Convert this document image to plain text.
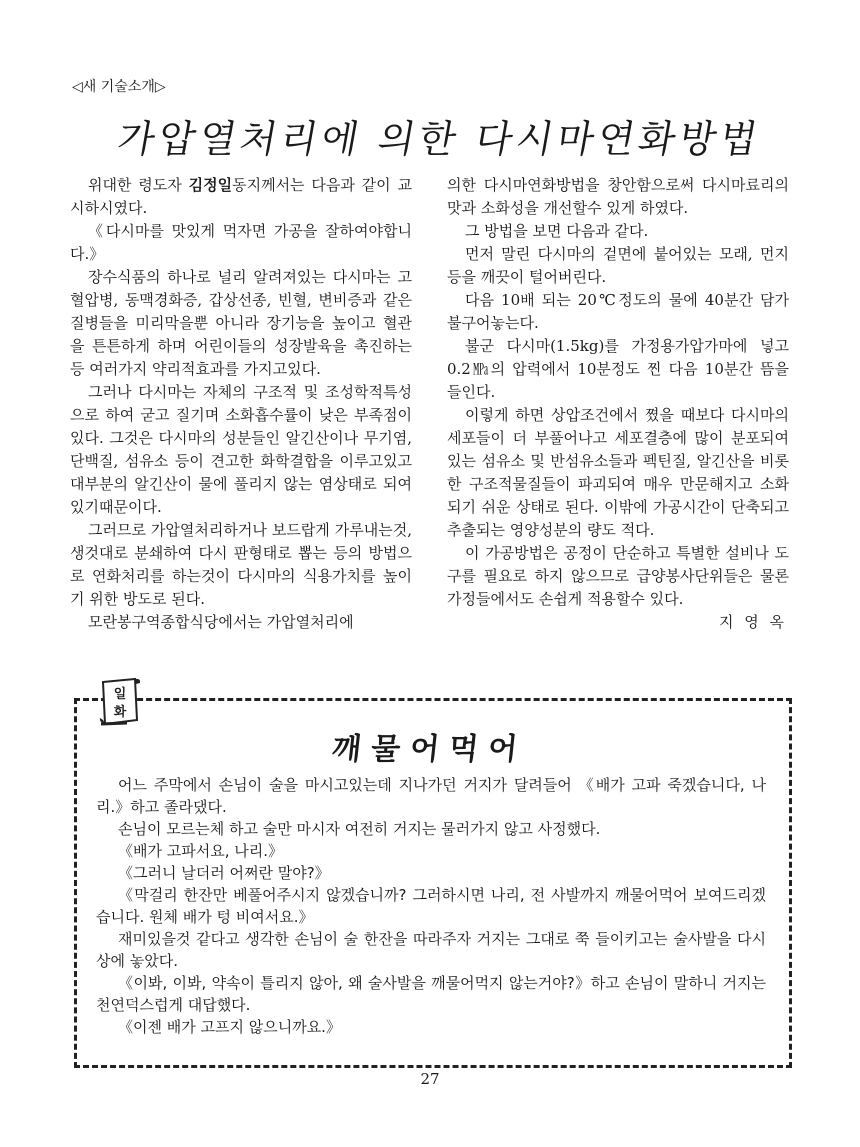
◁새 기술소개▷
가압열처리에 의한 다시마연화방법

위대한 령도자 김정일동지께서는 다음과 같이 교시하시였다.

《다시마를 맛있게 먹자면 가공을 잘하여야합니다.》

장수식품의 하나로 널리 알려져있는 다시마는 고혈압병, 동맥경화증, 갑상선종, 빈혈, 변비증과 같은 질병들을 미리막을뿐 아니라 장기능을 높이고 혈관을 튼튼하게 하며 어린이들의 성장발육을 촉진하는 등 여러가지 약리적효과를 가지고있다.

그러나 다시마는 자체의 구조적 및 조성학적특성으로 하여 굳고 질기며 소화흡수률이 낮은 부족점이 있다. 그것은 다시마의 성분들인 알긴산이나 무기염, 단백질, 섬유소 등이 견고한 화학결합을 이루고있고 대부분의 알긴산이 물에 풀리지 않는 염상태로 되여있기때문이다.

그러므로 가압열처리하거나 보드랍게 가루내는것, 생것대로 분쇄하여 다시 판형태로 뽑는 등의 방법으로 연화처리를 하는것이 다시마의 식용가치를 높이기 위한 방도로 된다.

모란봉구역종합식당에서는 가압열처리에

의한 다시마연화방법을 창안함으로써 다시마료리의 맛과 소화성을 개선할수 있게 하였다.

그 방법을 보면 다음과 같다.

먼저 말린 다시마의 겉면에 붙어있는 모래, 먼지 등을 깨끗이 털어버린다.

다음 10배 되는 20℃정도의 물에 40분간 담가 불구어놓는다.

불군 다시마(1.5kg)를 가정용가압가마에 넣고 0.2㎫의 압력에서 10분정도 찐 다음 10분간 뜸을 들인다.

이렇게 하면 상압조건에서 쪘을 때보다 다시마의 세포들이 더 부풀어나고 세포결층에 많이 분포되여있는 섬유소 및 반섬유소들과 펙틴질, 알긴산을 비롯한 구조적물질들이 파괴되여 매우 만문해지고 소화되기 쉬운 상태로 된다. 이밖에 가공시간이 단축되고 추출되는 영양성분의 량도 적다.

이 가공방법은 공정이 단순하고 특별한 설비나 도구를 필요로 하지 않으므로 급양봉사단위들은 물론 가정들에서도 손쉽게 적용할수 있다.

지 영 옥

일
화
깨물어먹어

어느 주막에서 손님이 술을 마시고있는데 지나가던 거지가 달려들어 《배가 고파 죽겠습니다, 나리.》하고 졸라댔다.

손님이 모르는체 하고 술만 마시자 여전히 거지는 물러가지 않고 사정했다.

《배가 고파서요, 나리.》

《그러니 날더러 어쩌란 말야?》

《막걸리 한잔만 베풀어주시지 않겠습니까? 그러하시면 나리, 전 사발까지 깨물어먹어 보여드리겠습니다. 원체 배가 텅 비여서요.》

재미있을것 같다고 생각한 손님이 술 한잔을 따라주자 거지는 그대로 쭉 들이키고는 술사발을 다시 상에 놓았다.

《이봐, 이봐, 약속이 틀리지 않아, 왜 술사발을 깨물어먹지 않는거야?》하고 손님이 말하니 거지는 천연덕스럽게 대답했다.

《이젠 배가 고프지 않으니까요.》

27
